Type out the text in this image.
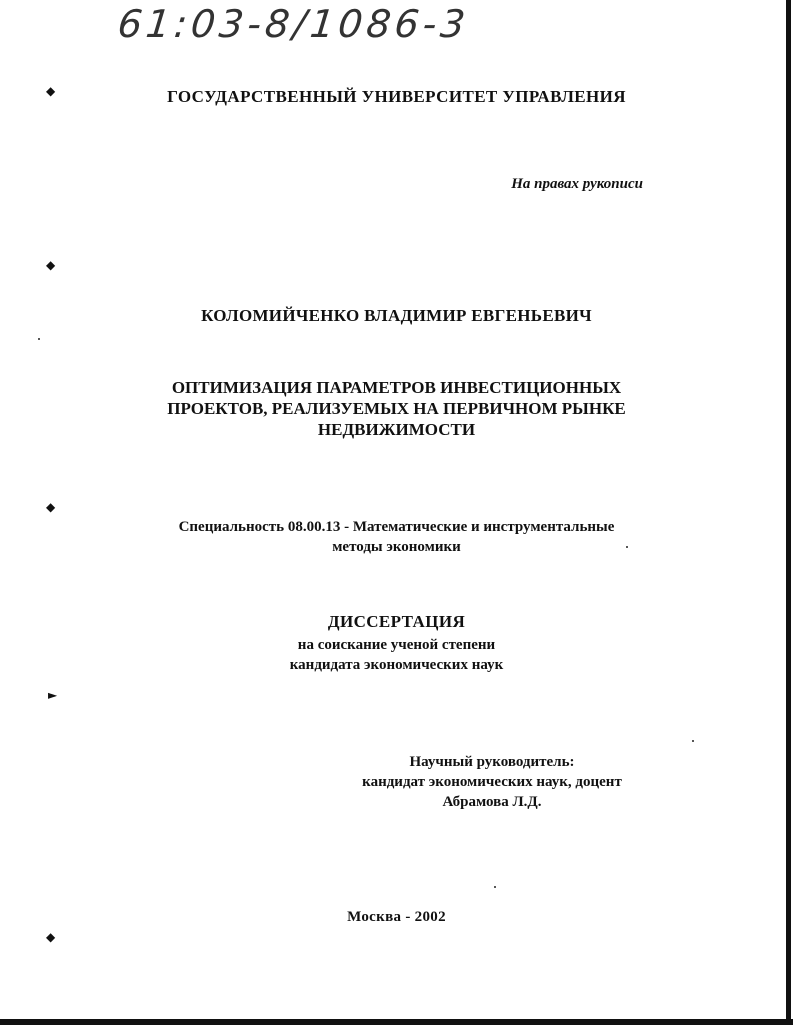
61:03-8/1086-3
ГОСУДАРСТВЕННЫЙ УНИВЕРСИТЕТ УПРАВЛЕНИЯ
На правах рукописи
КОЛОМИЙЧЕНКО ВЛАДИМИР ЕВГЕНЬЕВИЧ
ОПТИМИЗАЦИЯ ПАРАМЕТРОВ ИНВЕСТИЦИОННЫХ
ПРОЕКТОВ, РЕАЛИЗУЕМЫХ НА ПЕРВИЧНОМ РЫНКЕ
НЕДВИЖИМОСТИ
Специальность 08.00.13 - Математические и инструментальные
методы экономики
ДИССЕРТАЦИЯ
на соискание ученой степени
кандидата экономических наук
Научный руководитель:
кандидат экономических наук, доцент
Абрамова Л.Д.
Москва - 2002
◆
◆
◆
►
◆
